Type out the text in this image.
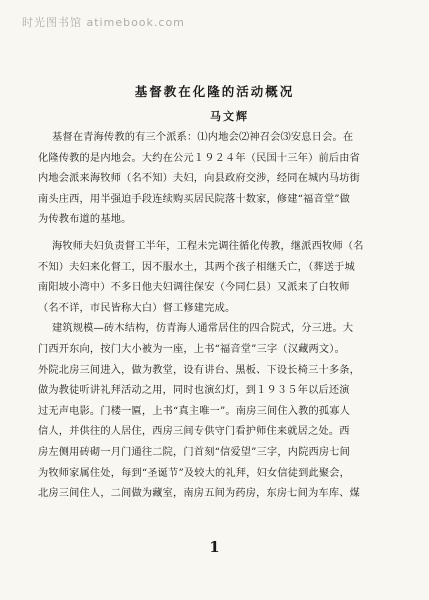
时光图书馆 atimebook.com
基督教在化隆的活动概况
马文辉

基督在青海传教的有三个派系：⑴内地会⑵神召会⑶安息日会。在
化隆传教的是内地会。大约在公元１９２４年（民国十三年）前后由省
内地会派来海牧师（名不知）夫妇，向县政府交涉，经同在城内马坊街
南头庄西，用半强迫手段连续购买居民院落十数家，修建“福音堂”做
为传教布道的基地。

海牧师夫妇负责督工半年，工程未完调往循化传教，继派西牧师（名
不知）夫妇来化督工，因不服水土，其两个孩子相继夭亡，（葬送于城
南阳坡小湾中）不多日他夫妇调往保安（今同仁县）又派来了白牧师
（名不详，市民皆称大白）督工修建完成。

建筑规模—砖木结构，仿青海人通常居住的四合院式，分三进。大
门西开东向，按门大小被为一座，上书“福音堂”三字（汉藏两文）。
外院北房三间进入，做为教堂，设有讲台、黑板、下设长椅三十多条，
做为教徒听讲礼拜活动之用，同时也演幻灯，到１９３５年以后还演
过无声电影。门楼一匾，上书“真主唯一”。南房三间住入教的孤寡人
信人，并供往的人居住，西房三间专供守门看护师住来就居之处。西
房左侧用砖砌一月门通往二院，门首刻“信爱望”三字，内院西房七间
为牧师家属住处，每到“圣诞节”及较大的礼拜，妇女信徒到此聚会，
北房三间住人，二间做为藏室，南房五间为药房，东房七间为车库、煤

1
